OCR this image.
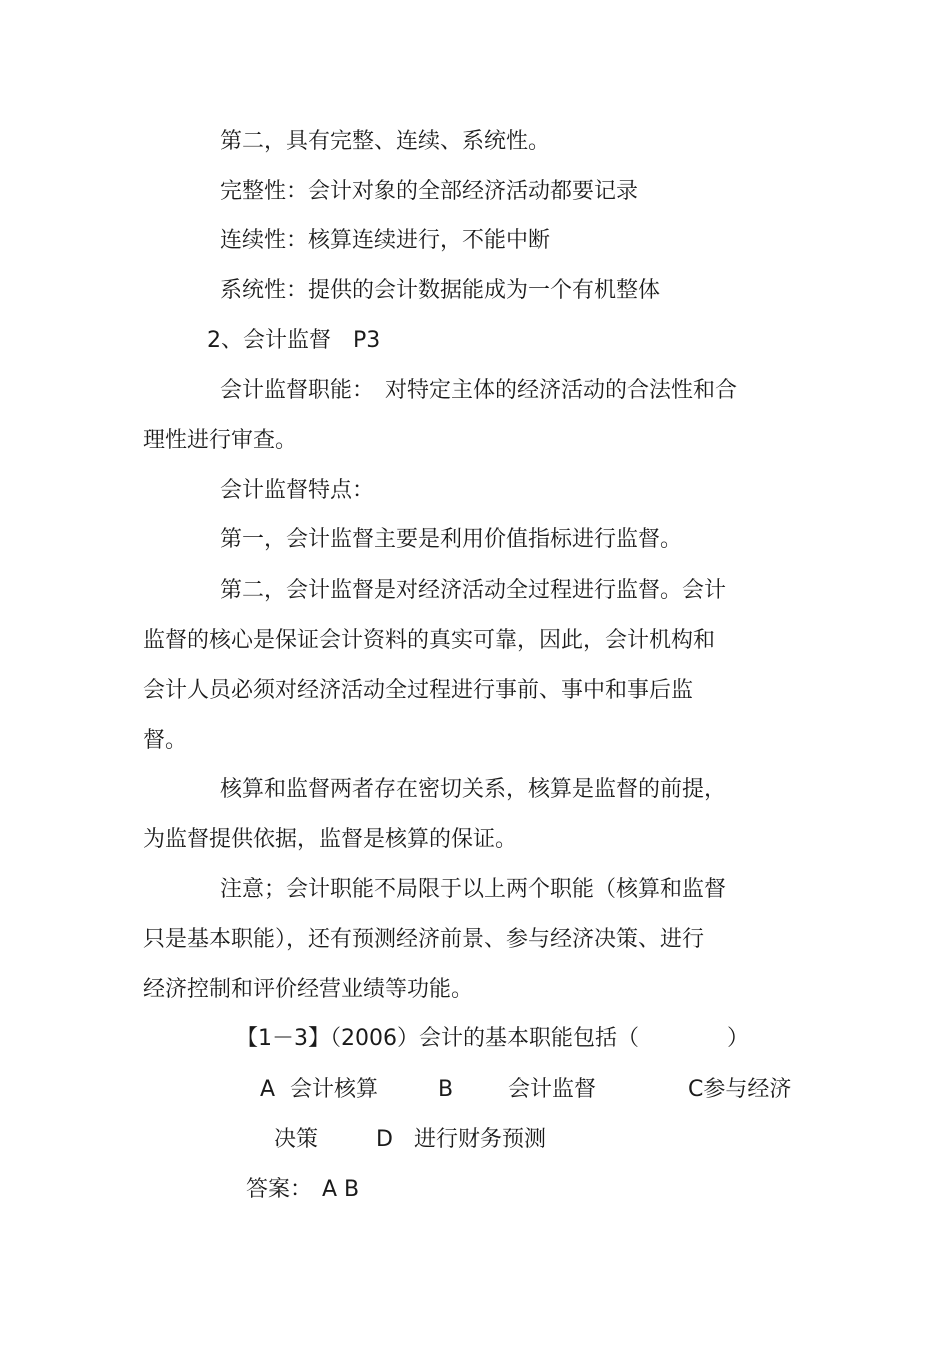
第二，具有完整、连续、系统性。
完整性：会计对象的全部经济活动都要记录
连续性：核算连续进行，不能中断
系统性：提供的会计数据能成为一个有机整体
2、会计监督　P3
会计监督职能：　对特定主体的经济活动的合法性和合
理性进行审查。
会计监督特点：
第一，会计监督主要是利用价值指标进行监督。
第二，会计监督是对经济活动全过程进行监督。会计
监督的核心是保证会计资料的真实可靠，因此，会计机构和
会计人员必须对经济活动全过程进行事前、事中和事后监
督。
核算和监督两者存在密切关系，核算是监督的前提，
为监督提供依据，监督是核算的保证。
注意；会计职能不局限于以上两个职能（核算和监督
只是基本职能），还有预测经济前景、参与经济决策、进行
经济控制和评价经营业绩等功能。
【1－3】（2006）会计的基本职能包括（　　　　）
A 会计核算	B 会计监督	C参与经济
决策	D 进行财务预测
答案： A B
